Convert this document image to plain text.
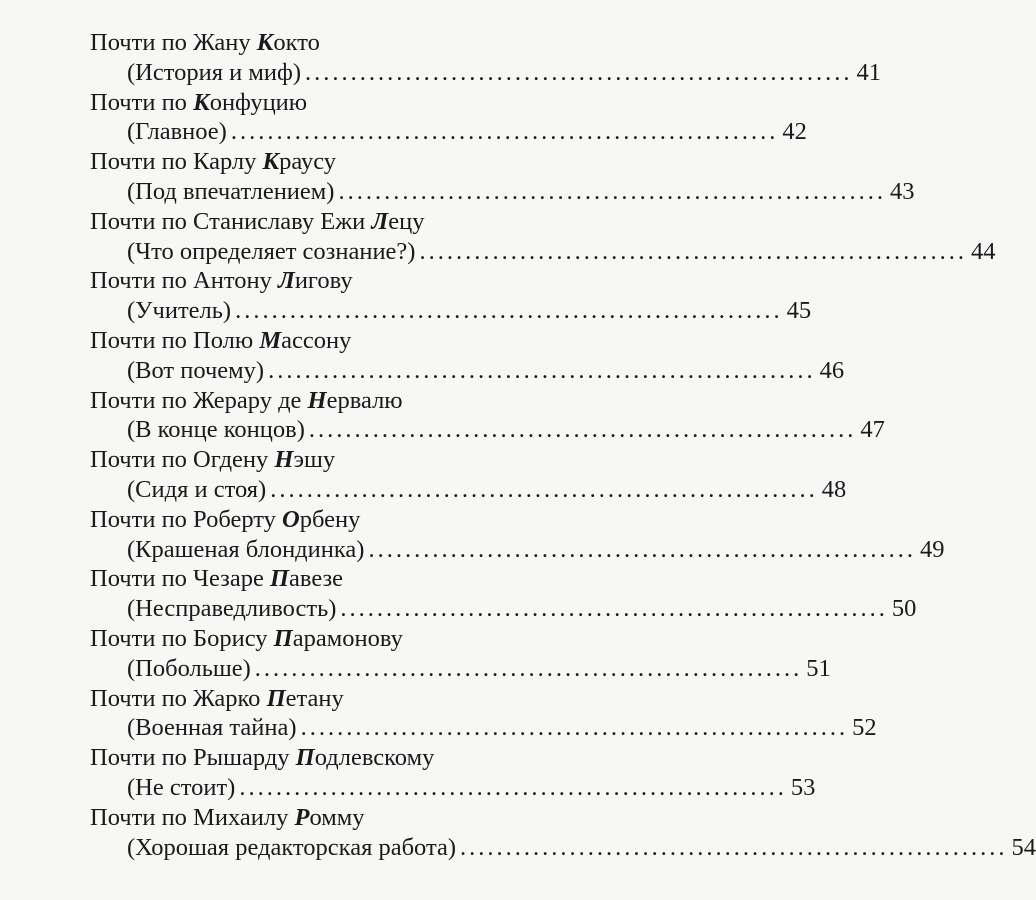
Почти по Жану Кокто
(История и миф) ............................................................ 41
Почти по Конфуцию
(Главное) ............................................................ 42
Почти по Карлу Краусу
(Под впечатлением) ............................................................ 43
Почти по Станиславу Ежи Лецу
(Что определяет сознание?) ............................................................ 44
Почти по Антону Лигову
(Учитель) ............................................................ 45
Почти по Полю Массону
(Вот почему) ............................................................ 46
Почти по Жерару де Нервалю
(В конце концов) ............................................................ 47
Почти по Огдену Нэшу
(Сидя и стоя) ............................................................ 48
Почти по Роберту Орбену
(Крашеная блондинка) ............................................................ 49
Почти по Чезаре Павезе
(Несправедливость) ............................................................ 50
Почти по Борису Парамонову
(Побольше) ............................................................ 51
Почти по Жарко Петану
(Военная тайна) ............................................................ 52
Почти по Рышарду Подлевскому
(Не стоит) ............................................................ 53
Почти по Михаилу Ромму
(Хорошая редакторская работа) ............................................................ 54
